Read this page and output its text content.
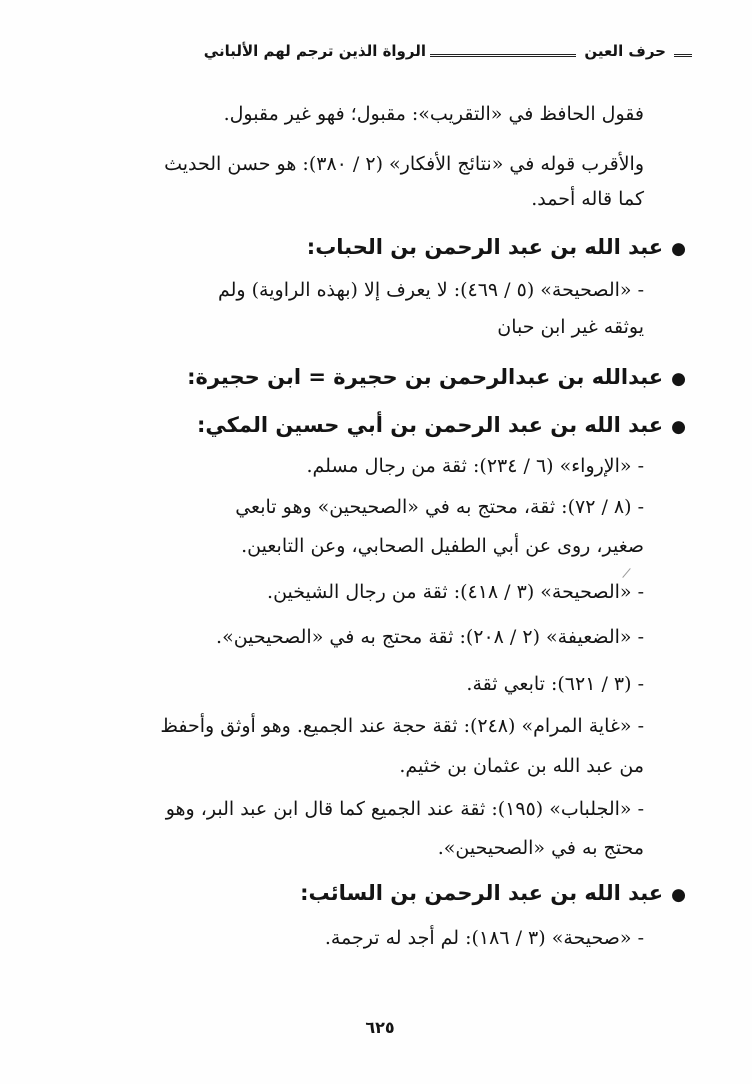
حرف العين
الرواة الذين ترجم لهم الألباني
فقول الحافظ في «التقريب»: مقبول؛ فهو غير مقبول.
والأقرب قوله في «نتائج الأفكار» (٢ / ٣٨٠): هو حسن الحديث
كما قاله أحمد.
●عبد الله بن عبد الرحمن بن الحباب:
- «الصحيحة» (٥ / ٤٦٩): لا يعرف إلا (بهذه الراوية) ولم
يوثقه غير ابن حبان
●عبدالله بن عبدالرحمن بن حجيرة = ابن حجيرة:
●عبد الله بن عبد الرحمن بن أبي حسين المكي:
- «الإرواء» (٦ / ٢٣٤): ثقة من رجال مسلم.
- (٨ / ٧٢): ثقة، محتج به في «الصحيحين» وهو تابعي
صغير، روى عن أبي الطفيل الصحابي، وعن التابعين.
- «الصحيحة» (٣ / ٤١٨): ثقة من رجال الشيخين.
- «الضعيفة» (٢ / ٢٠٨): ثقة محتج به في «الصحيحين».
- (٣ / ٦٢١): تابعي ثقة.
- «غاية المرام» (٢٤٨): ثقة حجة عند الجميع. وهو أوثق وأحفظ
من عبد الله بن عثمان بن خثيم.
- «الجلباب» (١٩٥): ثقة عند الجميع كما قال ابن عبد البر، وهو
محتج به في «الصحيحين».
●عبد الله بن عبد الرحمن بن السائب:
- «صحيحة» (٣ / ١٨٦): لم أجد له ترجمة.
٦٢٥
